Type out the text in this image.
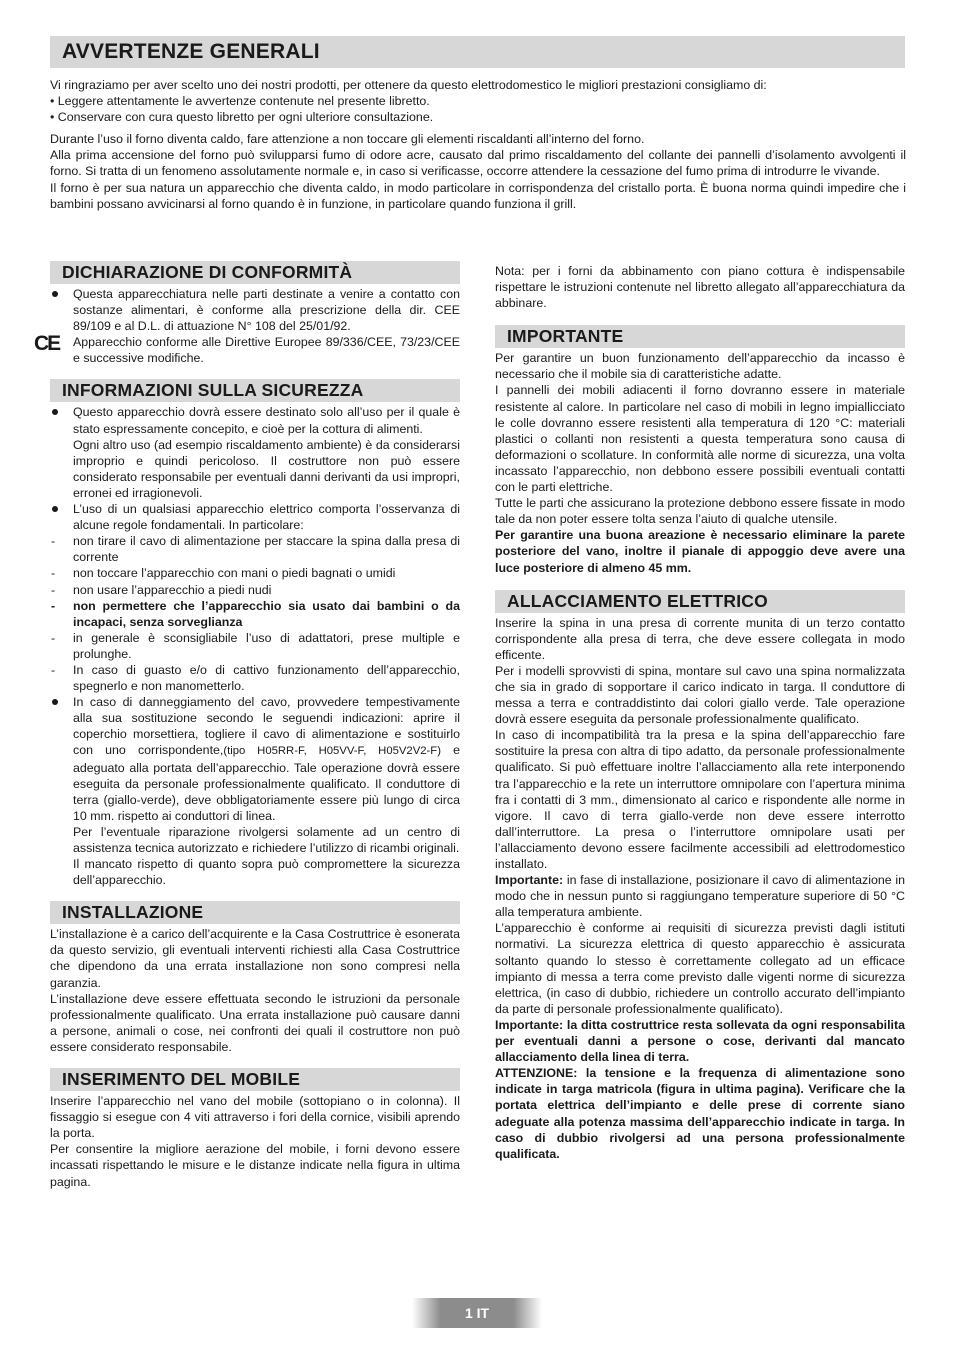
AVVERTENZE GENERALI

Vi ringraziamo per aver scelto uno dei nostri prodotti, per ottenere da questo elettrodomestico le migliori prestazioni consigliamo di:

• Leggere attentamente le avvertenze contenute nel presente libretto.

• Conservare con cura questo libretto per ogni ulteriore consultazione.

Durante l’uso il forno diventa caldo, fare attenzione a non toccare gli elementi riscaldanti all’interno del forno.

Alla prima accensione del forno può svilupparsi fumo di odore acre, causato dal primo riscaldamento del collante dei pannelli d’isolamento avvolgenti il forno. Si tratta di un fenomeno assolutamente normale e, in caso si verificasse, occorre attendere la cessazione del fumo prima di introdurre le vivande.

Il forno è per sua natura un apparecchio che diventa caldo, in modo particolare in corrispondenza del cristallo porta. È buona norma quindi impedire che i bambini possano avvicinarsi al forno quando è in funzione, in particolare quando funziona il grill.

DICHIARAZIONE DI CONFORMITÀ
Questa apparecchiatura nelle parti destinate a venire a contatto con sostanze alimentari, è conforme alla prescrizione della dir. CEE 89/109 e al D.L. di attuazione N° 108 del 25/01/92.
CE Apparecchio conforme alle Direttive Europee 89/336/CEE, 73/23/CEE e successive modifiche.
INFORMAZIONI SULLA SICUREZZA
Questo apparecchio dovrà essere destinato solo all’uso per il quale è stato espressamente concepito, e cioè per la cottura di alimenti.

Ogni altro uso (ad esempio riscaldamento ambiente) è da considerarsi improprio e quindi pericoloso. Il costruttore non può essere considerato responsabile per eventuali danni derivanti da usi impropri, erronei ed irragionevoli.

L’uso di un qualsiasi apparecchio elettrico comporta l’osservanza di alcune regole fondamentali. In particolare:
- non tirare il cavo di alimentazione per staccare la spina dalla presa di corrente
- non toccare l’apparecchio con mani o piedi bagnati o umidi
- non usare l’apparecchio a piedi nudi
- non permettere che l’apparecchio sia usato dai bambini o da incapaci, senza sorveglianza
- in generale è sconsigliabile l’uso di adattatori, prese multiple e prolunghe.
- In caso di guasto e/o di cattivo funzionamento dell’apparecchio, spegnerlo e non manometterlo.
In caso di danneggiamento del cavo, provvedere tempestivamente alla sua sostituzione secondo le seguendi indicazioni: aprire il coperchio morsettiera, togliere il cavo di alimentazione e sostituirlo con uno corrispondente,(tipo H05RR-F, H05VV-F, H05V2V2-F) e adeguato alla portata dell’apparecchio. Tale operazione dovrà essere eseguita da personale professionalmente qualificato. Il conduttore di terra (giallo-verde), deve obbligatoriamente essere più lungo di circa 10 mm. rispetto ai conduttori di linea.

Per l’eventuale riparazione rivolgersi solamente ad un centro di assistenza tecnica autorizzato e richiedere l’utilizzo di ricambi originali.

Il mancato rispetto di quanto sopra può compromettere la sicurezza dell’apparecchio.

INSTALLAZIONE

L’installazione è a carico dell’acquirente e la Casa Costruttrice è esonerata da questo servizio, gli eventuali interventi richiesti alla Casa Costruttrice che dipendono da una errata installazione non sono compresi nella garanzia.

L’installazione deve essere effettuata secondo le istruzioni da personale professionalmente qualificato. Una errata installazione può causare danni a persone, animali o cose, nei confronti dei quali il costruttore non può essere considerato responsabile.

INSERIMENTO DEL MOBILE

Inserire l’apparecchio nel vano del mobile (sottopiano o in colonna). Il fissaggio si esegue con 4 viti attraverso i fori della cornice, visibili aprendo la porta.

Per consentire la migliore aerazione del mobile, i forni devono essere incassati rispettando le misure e le distanze indicate nella figura in ultima pagina.

Nota: per i forni da abbinamento con piano cottura è indispensabile rispettare le istruzioni contenute nel libretto allegato all’apparecchiatura da abbinare.

IMPORTANTE

Per garantire un buon funzionamento dell’apparecchio da incasso è necessario che il mobile sia di caratteristiche adatte.

I pannelli dei mobili adiacenti il forno dovranno essere in materiale resistente al calore. In particolare nel caso di mobili in legno impiallicciato le colle dovranno essere resistenti alla temperatura di 120 °C: materiali plastici o collanti non resistenti a questa temperatura sono causa di deformazioni o scollature. In conformità alle norme di sicurezza, una volta incassato l’apparecchio, non debbono essere possibili eventuali contatti con le parti elettriche.

Tutte le parti che assicurano la protezione debbono essere fissate in modo tale da non poter essere tolta senza l’aiuto di qualche utensile.

Per garantire una buona areazione è necessario eliminare la parete posteriore del vano, inoltre il pianale di appoggio deve avere una luce posteriore di almeno 45 mm.

ALLACCIAMENTO ELETTRICO

Inserire la spina in una presa di corrente munita di un terzo contatto corrispondente alla presa di terra, che deve essere collegata in modo efficente.

Per i modelli sprovvisti di spina, montare sul cavo una spina normalizzata che sia in grado di sopportare il carico indicato in targa. Il conduttore di messa a terra e contraddistinto dai colori giallo verde. Tale operazione dovrà essere eseguita da personale professionalmente qualificato.

In caso di incompatibilità tra la presa e la spina dell’apparecchio fare sostituire la presa con altra di tipo adatto, da personale professionalmente qualificato. Si può effettuare inoltre l’allacciamento alla rete interponendo tra l’apparecchio e la rete un interruttore omnipolare con l’apertura minima fra i contatti di 3 mm., dimensionato al carico e rispondente alle norme in vigore. Il cavo di terra giallo-verde non deve essere interrotto dall’interruttore. La presa o l’interruttore omnipolare usati per l’allacciamento devono essere facilmente accessibili ad elettrodomestico installato.

Importante: in fase di installazione, posizionare il cavo di alimentazione in modo che in nessun punto si raggiungano temperature superiore di 50 °C alla temperatura ambiente.

L’apparecchio è conforme ai requisiti di sicurezza previsti dagli istituti normativi. La sicurezza elettrica di questo apparecchio è assicurata soltanto quando lo stesso è correttamente collegato ad un efficace impianto di messa a terra come previsto dalle vigenti norme di sicurezza elettrica, (in caso di dubbio, richiedere un controllo accurato dell’impianto da parte di personale professionalmente qualificato).

Importante: la ditta costruttrice resta sollevata da ogni responsabilita per eventuali danni a persone o cose, derivanti dal mancato allacciamento della linea di terra.

ATTENZIONE: la tensione e la frequenza di alimentazione sono indicate in targa matricola (figura in ultima pagina). Verificare che la portata elettrica dell’impianto e delle prese di corrente siano adeguate alla potenza massima dell’apparecchio indicate in targa. In caso di dubbio rivolgersi ad una persona professionalmente qualificata.

1 IT
